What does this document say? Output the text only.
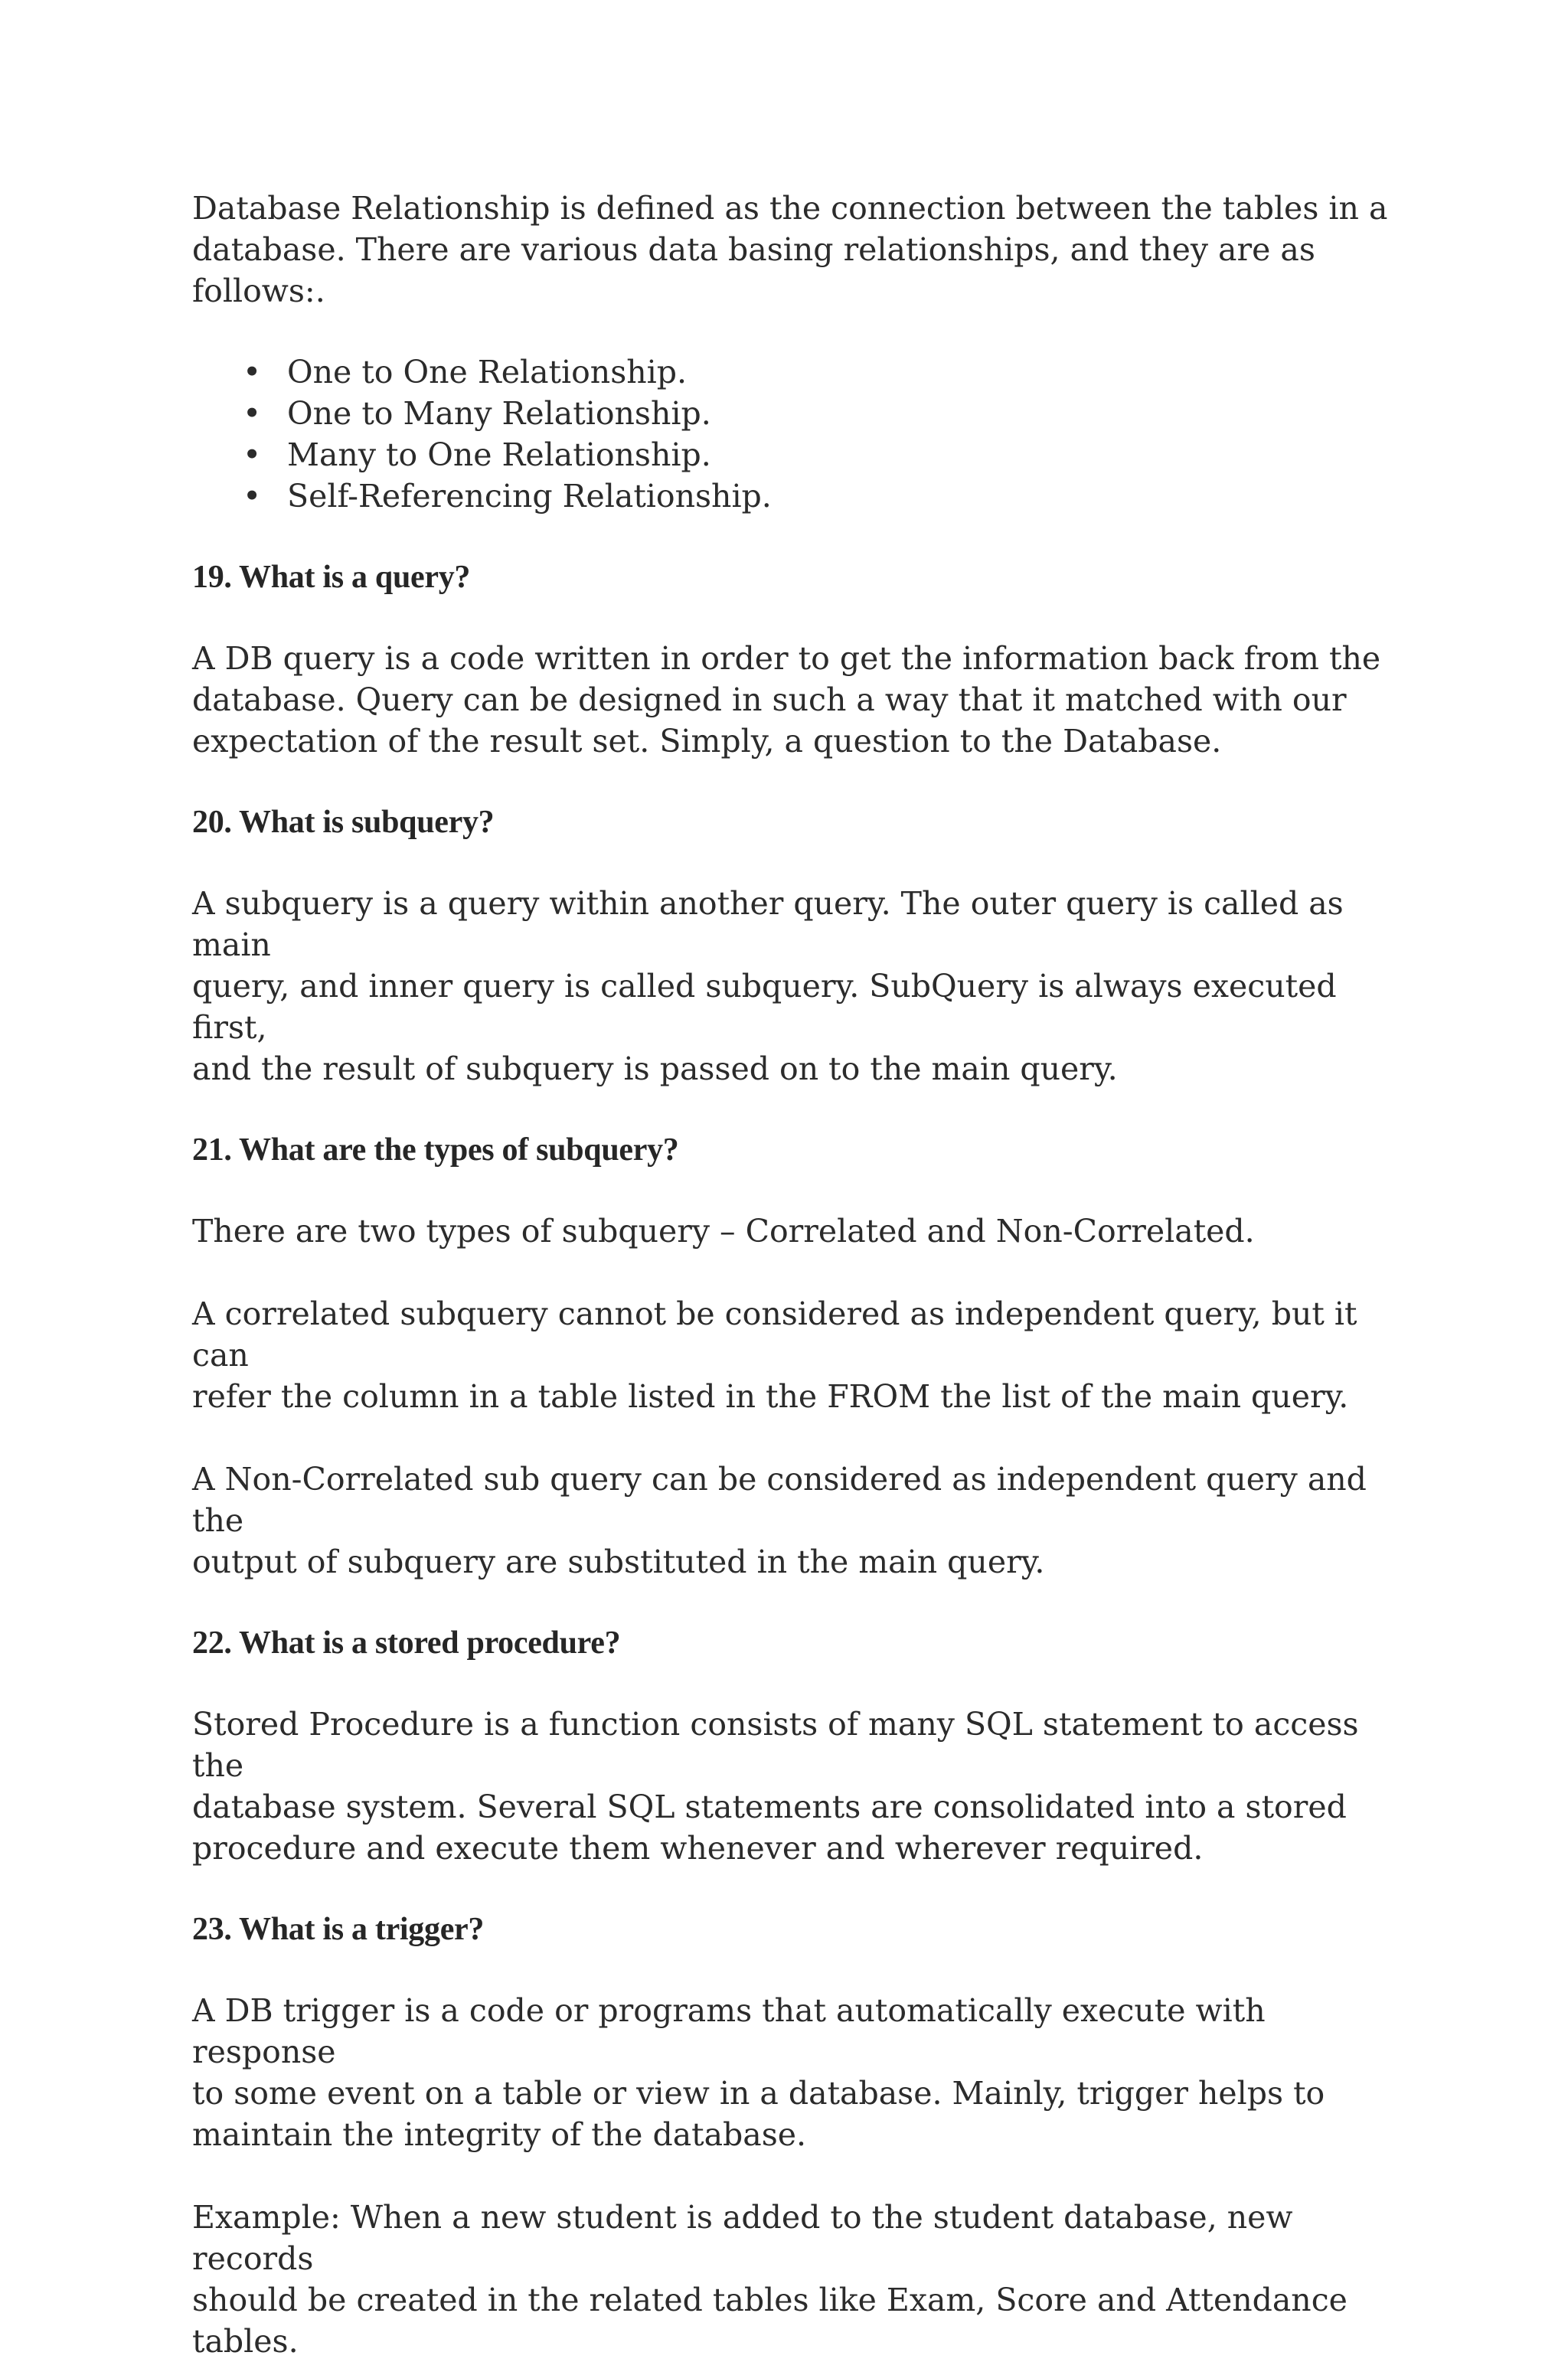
Database Relationship is defined as the connection between the tables in a
database. There are various data basing relationships, and they are as follows:.
• One to One Relationship.
• One to Many Relationship.
• Many to One Relationship.
• Self-Referencing Relationship.
19. What is a query?
A DB query is a code written in order to get the information back from the
database. Query can be designed in such a way that it matched with our
expectation of the result set. Simply, a question to the Database.
20. What is subquery?
A subquery is a query within another query. The outer query is called as main
query, and inner query is called subquery. SubQuery is always executed first,
and the result of subquery is passed on to the main query.
21. What are the types of subquery?
There are two types of subquery – Correlated and Non-Correlated.
A correlated subquery cannot be considered as independent query, but it can
refer the column in a table listed in the FROM the list of the main query.
A Non-Correlated sub query can be considered as independent query and the
output of subquery are substituted in the main query.
22. What is a stored procedure?
Stored Procedure is a function consists of many SQL statement to access the
database system. Several SQL statements are consolidated into a stored
procedure and execute them whenever and wherever required.
23. What is a trigger?
A DB trigger is a code or programs that automatically execute with response
to some event on a table or view in a database. Mainly, trigger helps to
maintain the integrity of the database.
Example: When a new student is added to the student database, new records
should be created in the related tables like Exam, Score and Attendance tables.
